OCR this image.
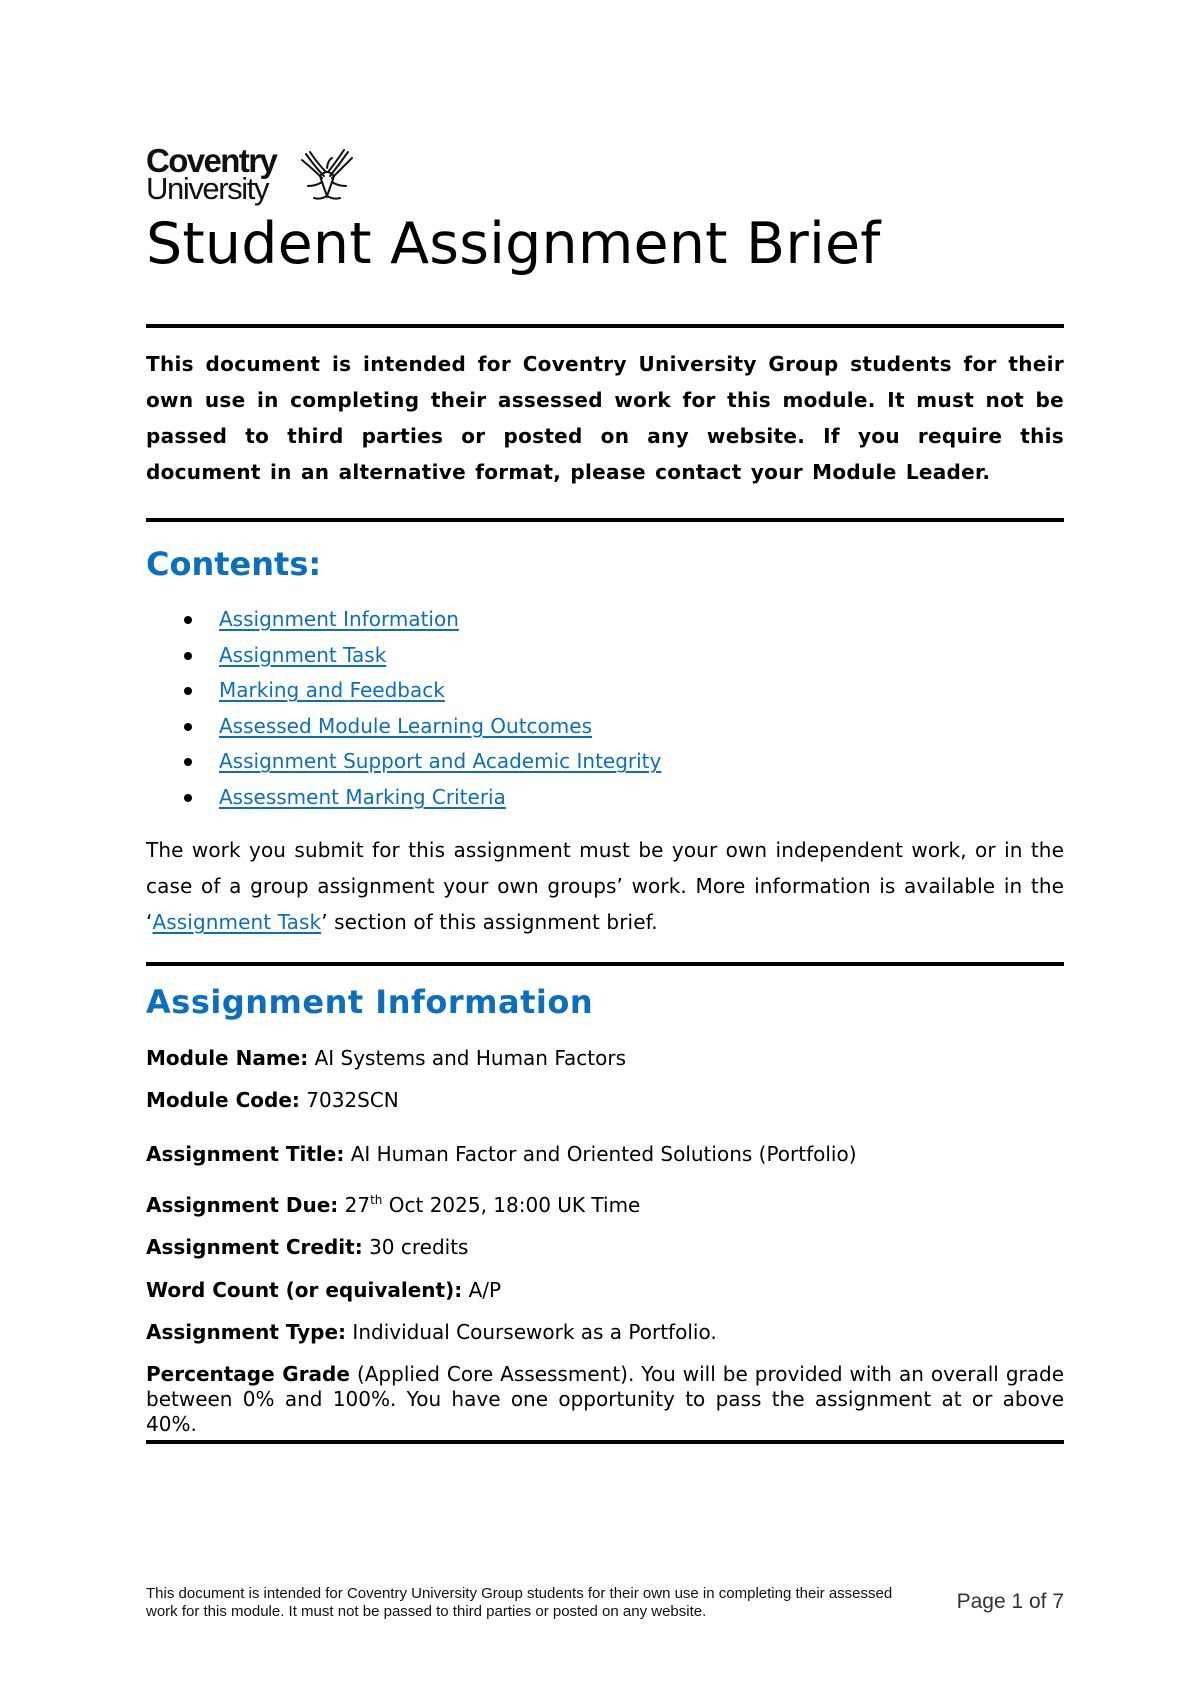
Coventry
University
Student Assignment Brief

This document is intended for Coventry University Group students for their own use in completing their assessed work for this module. It must not be passed to third parties or posted on any website. If you require this document in an alternative format, please contact your Module Leader.

Contents:
Assignment Information
Assignment Task
Marking and Feedback
Assessed Module Learning Outcomes
Assignment Support and Academic Integrity
Assessment Marking Criteria

The work you submit for this assignment must be your own independent work, or in the case of a group assignment your own groups’ work. More information is available in the ‘Assignment Task’ section of this assignment brief.

Assignment Information

Module Name: AI Systems and Human Factors

Module Code: 7032SCN

Assignment Title: AI Human Factor and Oriented Solutions (Portfolio)

Assignment Due: 27th Oct 2025, 18:00 UK Time

Assignment Credit: 30 credits

Word Count (or equivalent): A/P

Assignment Type: Individual Coursework as a Portfolio.

Percentage Grade (Applied Core Assessment). You will be provided with an overall grade between 0% and 100%. You have one opportunity to pass the assignment at or above 40%.

This document is intended for Coventry University Group students for their own use in completing their assessed work for this module. It must not be passed to third parties or posted on any website.	Page 1 of 7
